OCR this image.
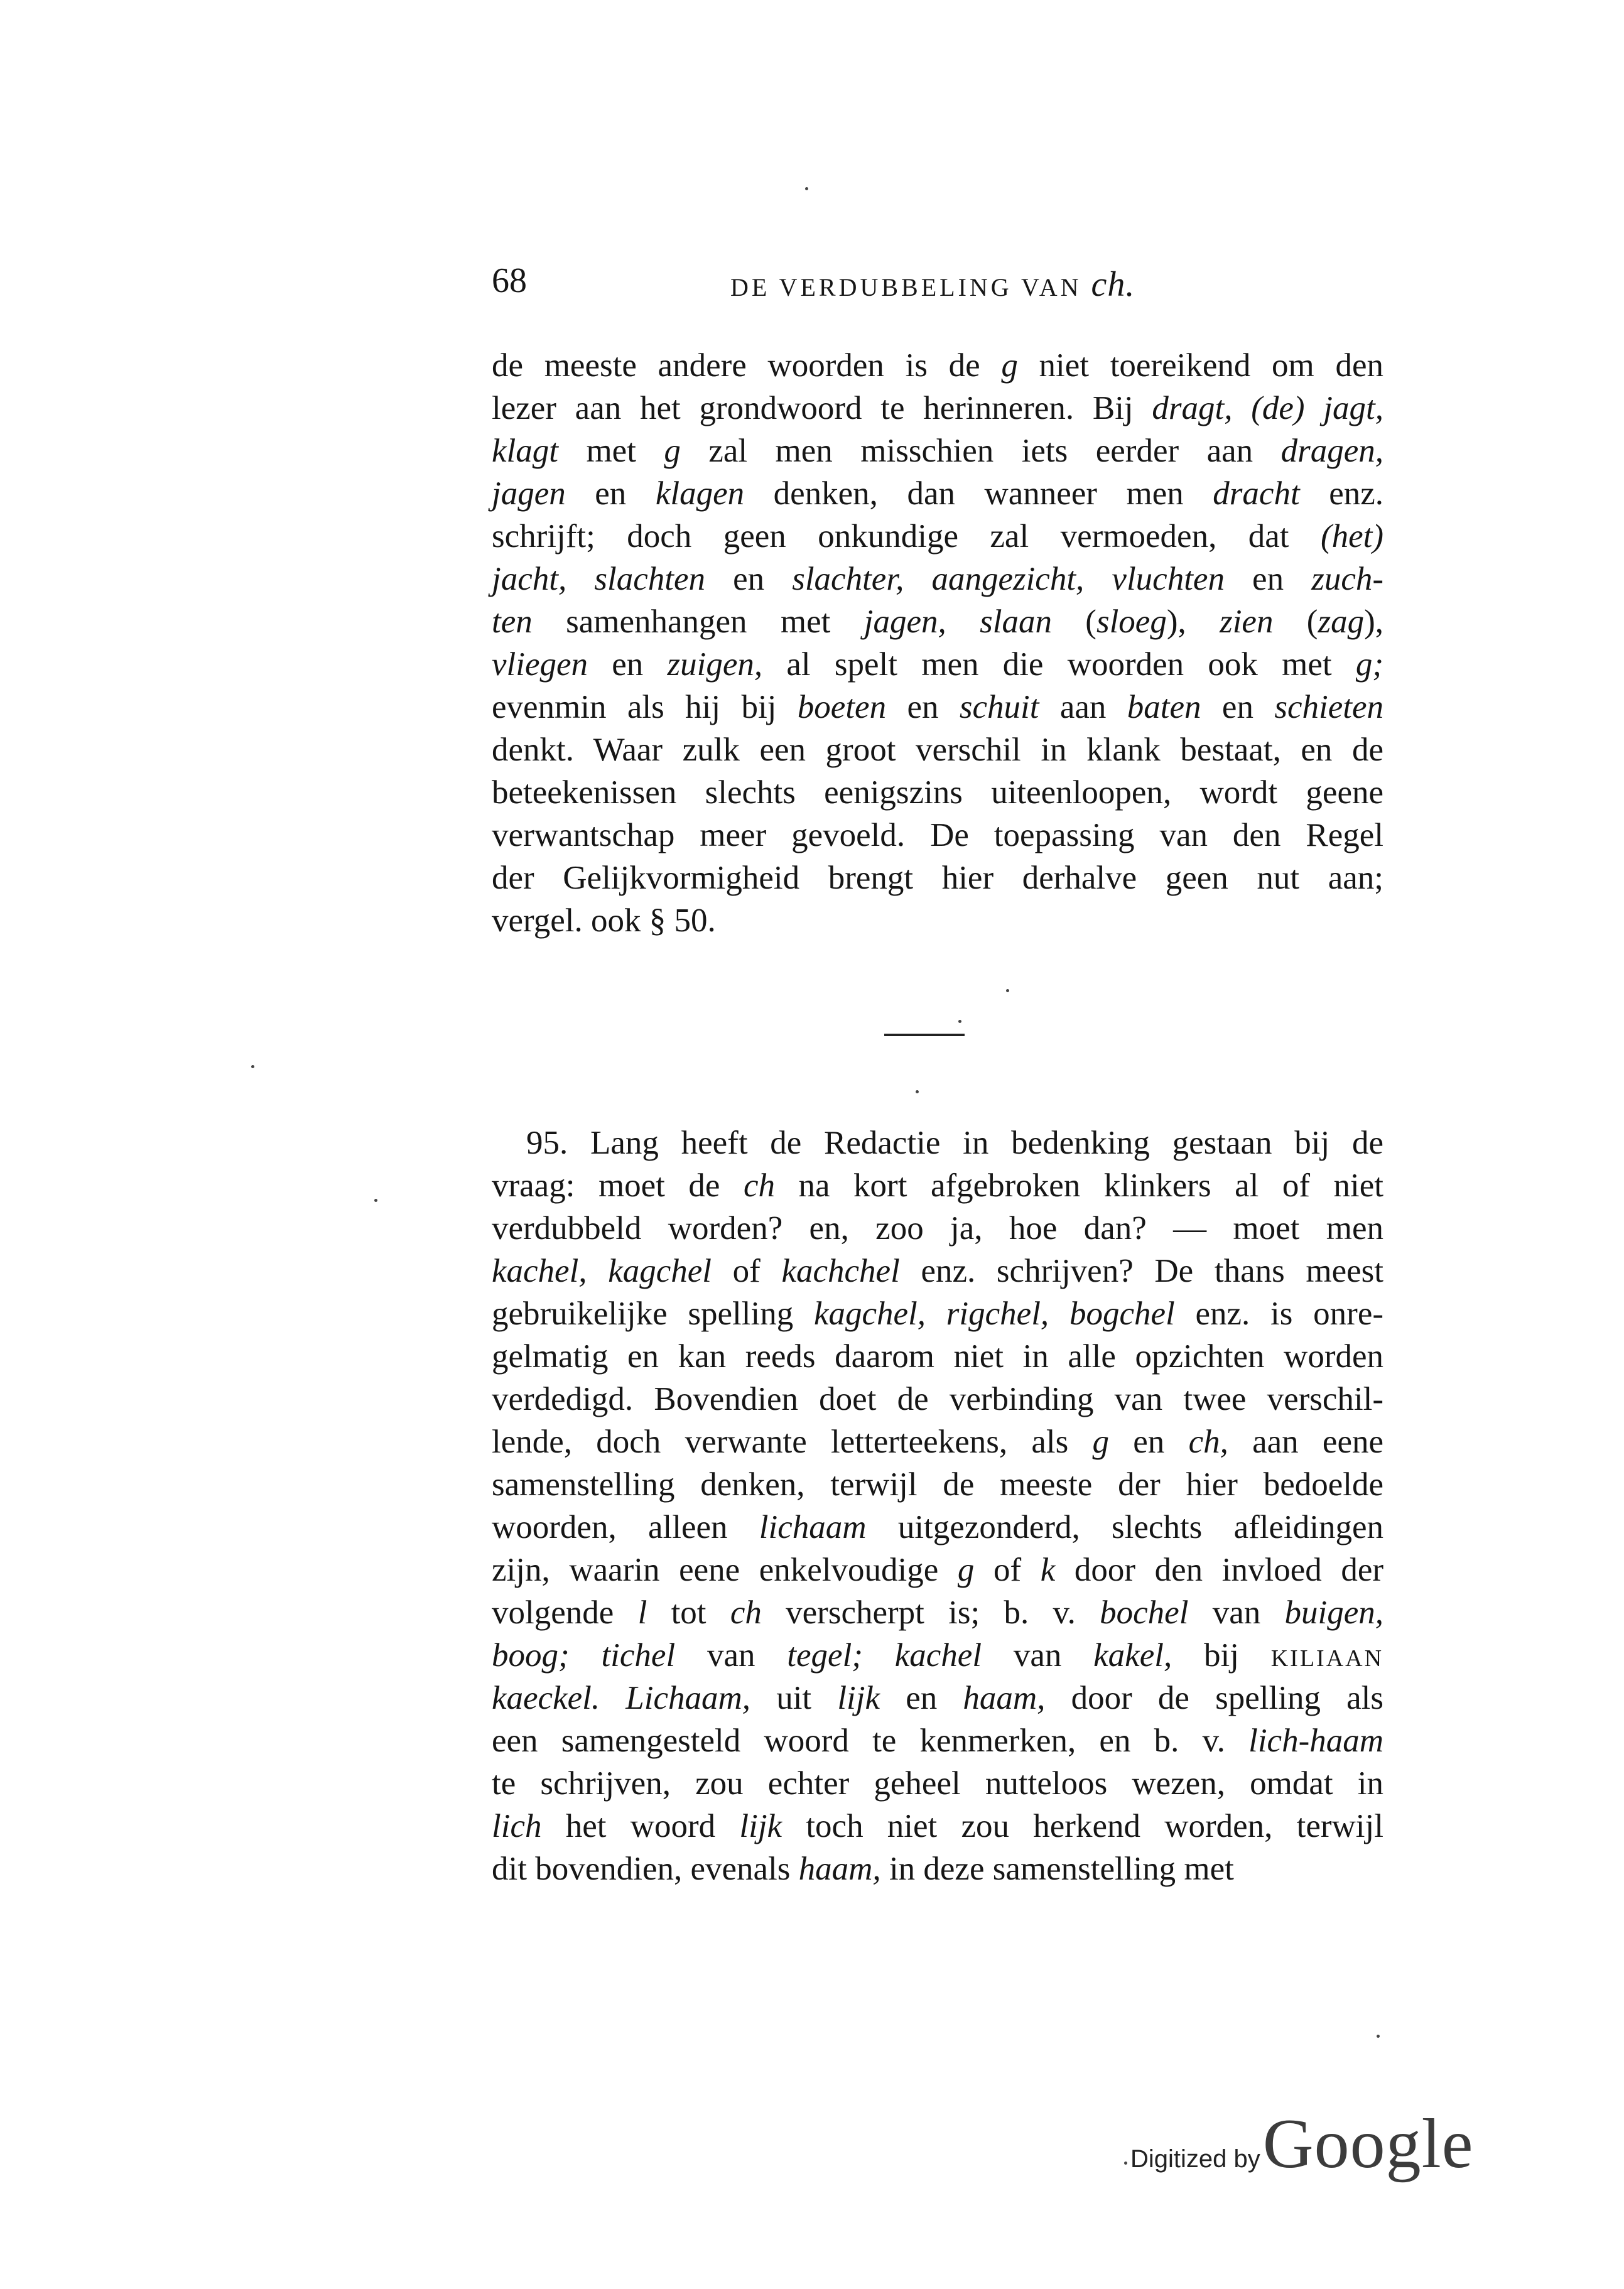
68	DE VERDUBBELING VAN ch.
de meeste andere woorden is de g niet toereikend om den
lezer aan het grondwoord te herinneren. Bij dragt, (de) jagt,
klagt met g zal men misschien iets eerder aan dragen,
jagen en klagen denken, dan wanneer men dracht enz.
schrijft; doch geen onkundige zal vermoeden, dat (het)
jacht, slachten en slachter, aangezicht, vluchten en zuch-
ten samenhangen met jagen, slaan (sloeg), zien (zag),
vliegen en zuigen, al spelt men die woorden ook met g;
evenmin als hij bij boeten en schuit aan baten en schieten
denkt. Waar zulk een groot verschil in klank bestaat, en de
beteekenissen slechts eenigszins uiteenloopen, wordt geene
verwantschap meer gevoeld. De toepassing van den Regel
der Gelijkvormigheid brengt hier derhalve geen nut aan;
vergel. ook § 50.
95. Lang heeft de Redactie in bedenking gestaan bij de
vraag: moet de ch na kort afgebroken klinkers al of niet
verdubbeld worden? en, zoo ja, hoe dan? — moet men
kachel, kagchel of kachchel enz. schrijven? De thans meest
gebruikelijke spelling kagchel, rigchel, bogchel enz. is onre-
gelmatig en kan reeds daarom niet in alle opzichten worden
verdedigd. Bovendien doet de verbinding van twee verschil-
lende, doch verwante letterteekens, als g en ch, aan eene
samenstelling denken, terwijl de meeste der hier bedoelde
woorden, alleen lichaam uitgezonderd, slechts afleidingen
zijn, waarin eene enkelvoudige g of k door den invloed der
volgende l tot ch verscherpt is; b. v. bochel van buigen,
boog; tichel van tegel; kachel van kakel, bij KILIAAN
kaeckel. Lichaam, uit lijk en haam, door de spelling als
een samengesteld woord te kenmerken, en b. v. lich-haam
te schrijven, zou echter geheel nutteloos wezen, omdat in
lich het woord lijk toch niet zou herkend worden, terwijl
dit bovendien, evenals haam, in deze samenstelling met
Digitized by Google
